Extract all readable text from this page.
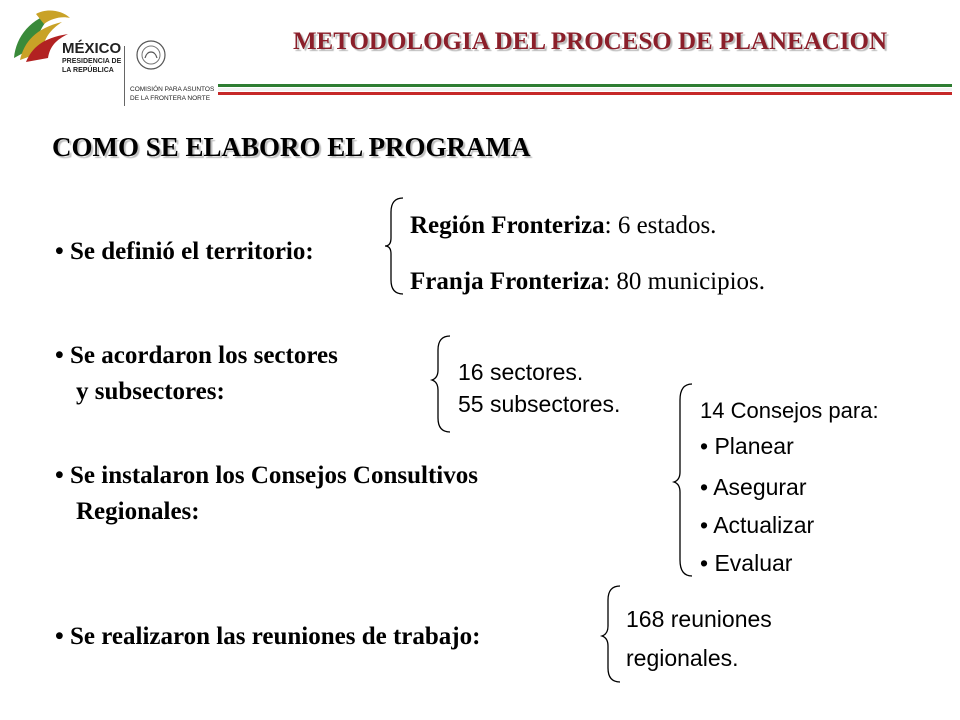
MÉXICO
PRESIDENCIA DE
LA REPÚBLICA
COMISIÓN PARA ASUNTOS
DE LA FRONTERA NORTE
METODOLOGIA DEL PROCESO DE PLANEACION
COMO SE ELABORO EL PROGRAMA
• Se definió el territorio:
Región Fronteriza: 6 estados.
Franja Fronteriza: 80 municipios.
• Se acordaron los sectores
y subsectores:
16 sectores.
55 subsectores.
• Se instalaron los Consejos Consultivos
Regionales:
14 Consejos para:
• Planear
• Asegurar
• Actualizar
• Evaluar
• Se realizaron las reuniones de trabajo:
168 reuniones
regionales.
